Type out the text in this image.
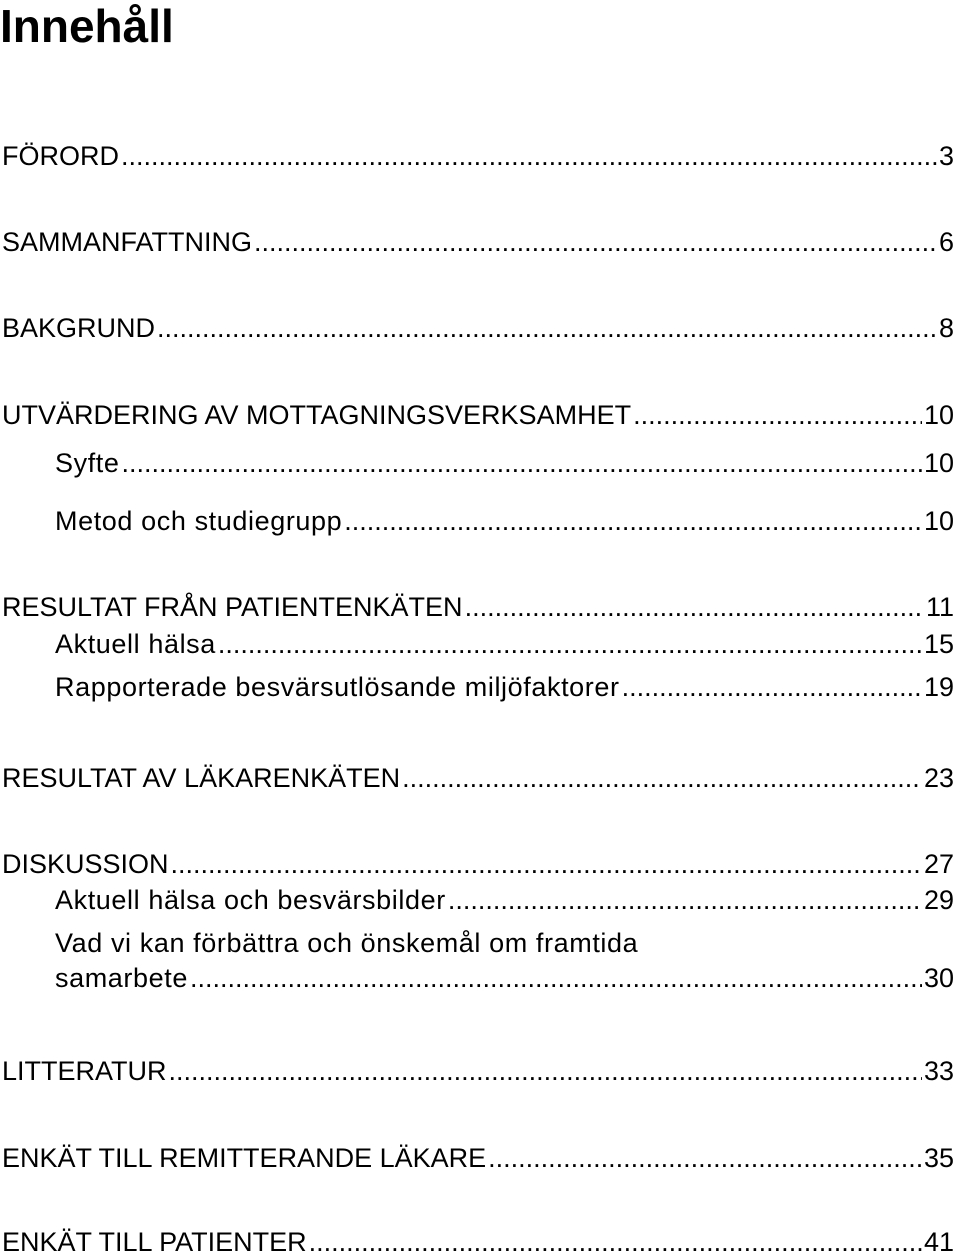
Innehåll
FÖRORD .....	3
SAMMANFATTNING .....	6
BAKGRUND .....	8
UTVÄRDERING AV MOTTAGNINGSVERKSAMHET .....	10
Syfte .....	10
Metod och studiegrupp .....	10
RESULTAT FRÅN PATIENTENKÄTEN .....	11
Aktuell hälsa .....	15
Rapporterade besvärsutlösande miljöfaktorer .....	19
RESULTAT AV LÄKARENKÄTEN .....	23
DISKUSSION .....	27
Aktuell hälsa och besvärsbilder .....	29
Vad vi kan förbättra och önskemål om framtida
samarbete .....	30
LITTERATUR .....	33
ENKÄT TILL REMITTERANDE LÄKARE .....	35
ENKÄT TILL PATIENTER .....	41
